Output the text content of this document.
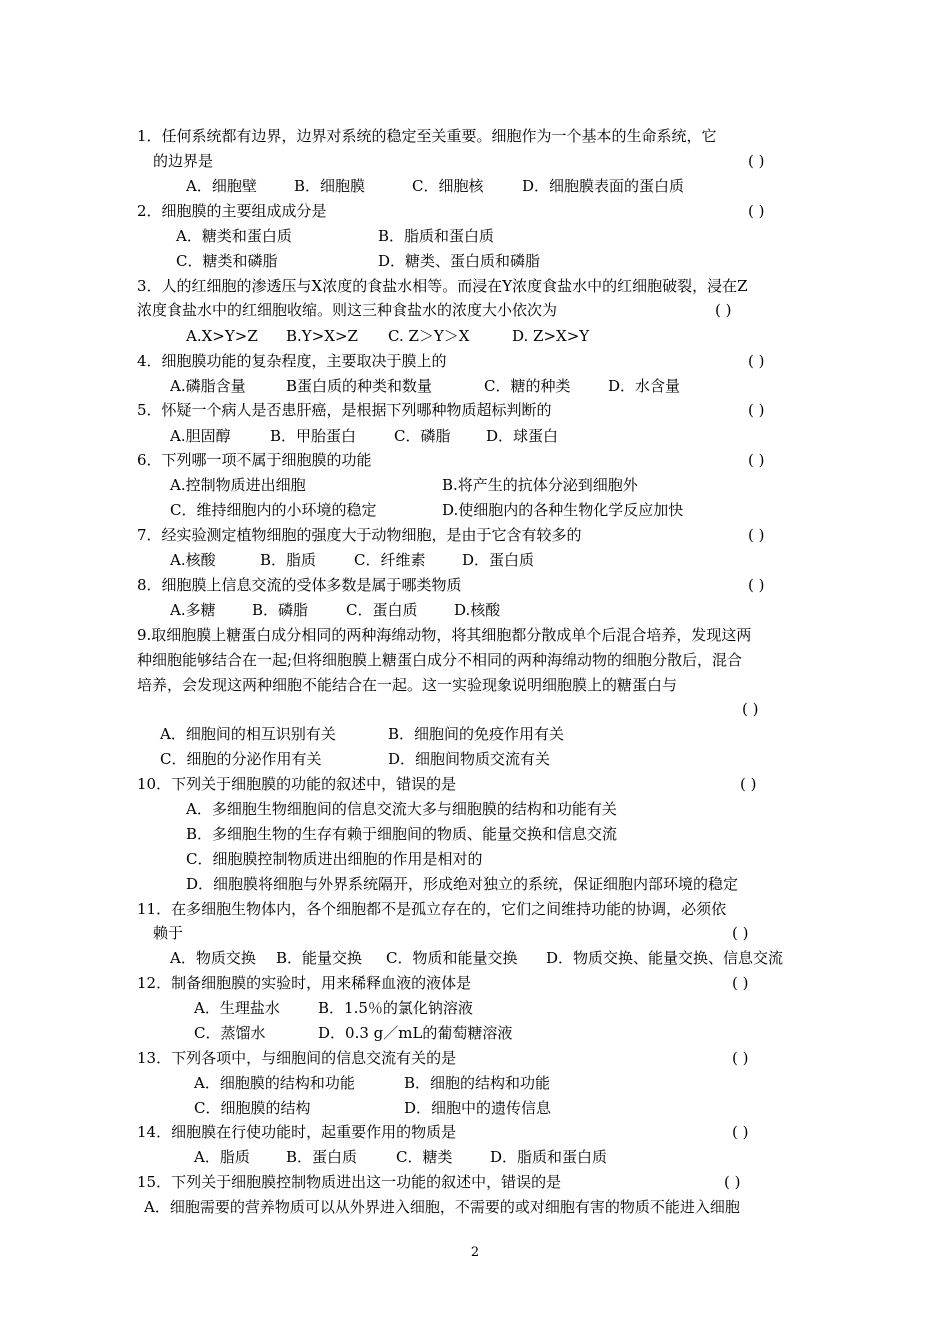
1．任何系统都有边界，边界对系统的稳定至关重要。细胞作为一个基本的生命系统，它
的边界是	( )
A．细胞壁 B．细胞膜	C．细胞核	D．细胞膜表面的蛋白质
2．细胞膜的主要组成成分是	( )
A．糖类和蛋白质	B．脂质和蛋白质
C．糖类和磷脂	D．糖类、蛋白质和磷脂
3．人的红细胞的渗透压与X浓度的食盐水相等。而浸在Y浓度食盐水中的红细胞破裂，浸在Z
浓度食盐水中的红细胞收缩。则这三种食盐水的浓度大小依次为	( )
A.X>Y>Z B.Y>X>Z C. Z＞Y＞X	D. Z>X>Y
4．细胞膜功能的复杂程度，主要取决于膜上的	( )
A.磷脂含量	B蛋白质的种类和数量	C．糖的种类	D．水含量
5．怀疑一个病人是否患肝癌，是根据下列哪种物质超标判断的	( )
A.胆固醇	B．甲胎蛋白	C．磷脂 D．球蛋白
6．下列哪一项不属于细胞膜的功能	( )
A.控制物质进出细胞	B.将产生的抗体分泌到细胞外
C．维持细胞内的小环境的稳定	D.使细胞内的各种生物化学反应加快
7．经实验测定植物细胞的强度大于动物细胞，是由于它含有较多的	( )
A.核酸	B．脂质	C．纤维素 D．蛋白质
8．细胞膜上信息交流的受体多数是属于哪类物质	( )
A.多糖 B．磷脂	C．蛋白质 D.核酸
9.取细胞膜上糖蛋白成分相同的两种海绵动物，将其细胞都分散成单个后混合培养，发现这两
种细胞能够结合在一起;但将细胞膜上糖蛋白成分不相同的两种海绵动物的细胞分散后，混合
培养，会发现这两种细胞不能结合在一起。这一实验现象说明细胞膜上的糖蛋白与
( )
A．细胞间的相互识别有关	B．细胞间的免疫作用有关
C．细胞的分泌作用有关	D．细胞间物质交流有关
10．下列关于细胞膜的功能的叙述中，错误的是	( )
A．多细胞生物细胞间的信息交流大多与细胞膜的结构和功能有关
B．多细胞生物的生存有赖于细胞间的物质、能量交换和信息交流
C．细胞膜控制物质进出细胞的作用是相对的
D．细胞膜将细胞与外界系统隔开，形成绝对独立的系统，保证细胞内部环境的稳定
11．在多细胞生物体内，各个细胞都不是孤立存在的，它们之间维持功能的协调，必须依
赖于	( )
A．物质交换 B．能量交换 C．物质和能量交换 D．物质交换、能量交换、信息交流
12．制备细胞膜的实验时，用来稀释血液的液体是	( )
A．生理盐水	B．1.5％的氯化钠溶液
C．蒸馏水	D．0.3 g／mL的葡萄糖溶液
13．下列各项中，与细胞间的信息交流有关的是	( )
A．细胞膜的结构和功能	B．细胞的结构和功能
C．细胞膜的结构	D．细胞中的遗传信息
14．细胞膜在行使功能时，起重要作用的物质是	( )
A．脂质 B．蛋白质	C．糖类	D．脂质和蛋白质
15．下列关于细胞膜控制物质进出这一功能的叙述中，错误的是	( )
A．细胞需要的营养物质可以从外界进入细胞，不需要的或对细胞有害的物质不能进入细胞
2
